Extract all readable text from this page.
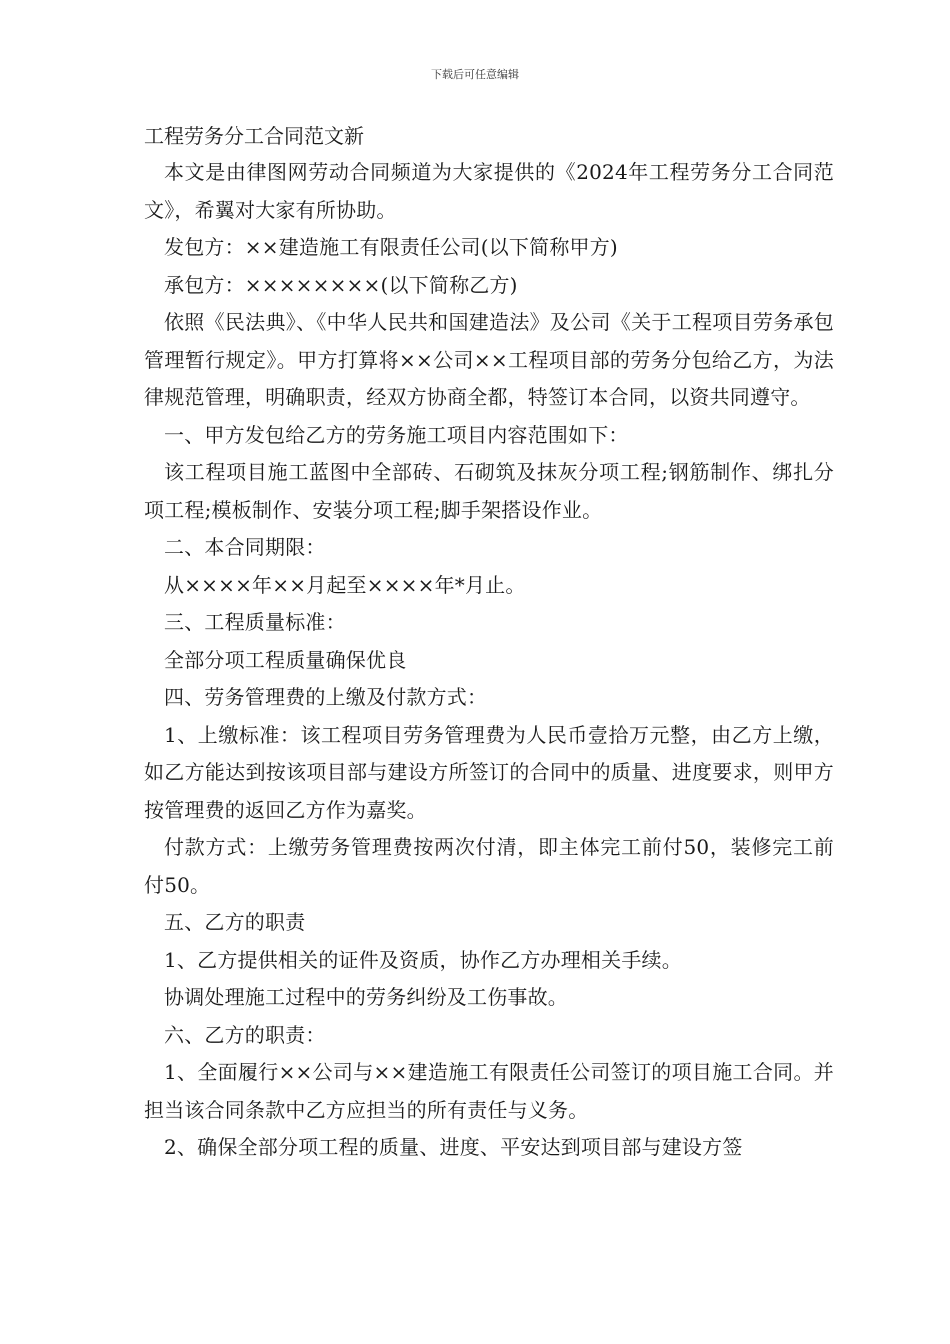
下载后可任意编辑

工程劳务分工合同范文新

本文是由律图网劳动合同频道为大家提供的《2024年工程劳务分工合同范文》，希翼对大家有所协助。

发包方：××建造施工有限责任公司(以下简称甲方)

承包方：××××××××(以下简称乙方)

依照《民法典》、《中华人民共和国建造法》及公司《关于工程项目劳务承包管理暂行规定》。甲方打算将××公司××工程项目部的劳务分包给乙方，为法律规范管理，明确职责，经双方协商全都，特签订本合同，以资共同遵守。

一、甲方发包给乙方的劳务施工项目内容范围如下：

该工程项目施工蓝图中全部砖、石砌筑及抹灰分项工程;钢筋制作、绑扎分项工程;模板制作、安装分项工程;脚手架搭设作业。

二、本合同期限：

从××××年××月起至××××年*月止。

三、工程质量标准：

全部分项工程质量确保优良

四、劳务管理费的上缴及付款方式：

1、上缴标准：该工程项目劳务管理费为人民币壹拾万元整，由乙方上缴，如乙方能达到按该项目部与建设方所签订的合同中的质量、进度要求，则甲方按管理费的返回乙方作为嘉奖。

付款方式：上缴劳务管理费按两次付清，即主体完工前付50，装修完工前付50。

五、乙方的职责

1、乙方提供相关的证件及资质，协作乙方办理相关手续。

协调处理施工过程中的劳务纠纷及工伤事故。

六、乙方的职责：

1、全面履行××公司与××建造施工有限责任公司签订的项目施工合同。并担当该合同条款中乙方应担当的所有责任与义务。

2、确保全部分项工程的质量、进度、平安达到项目部与建设方签
